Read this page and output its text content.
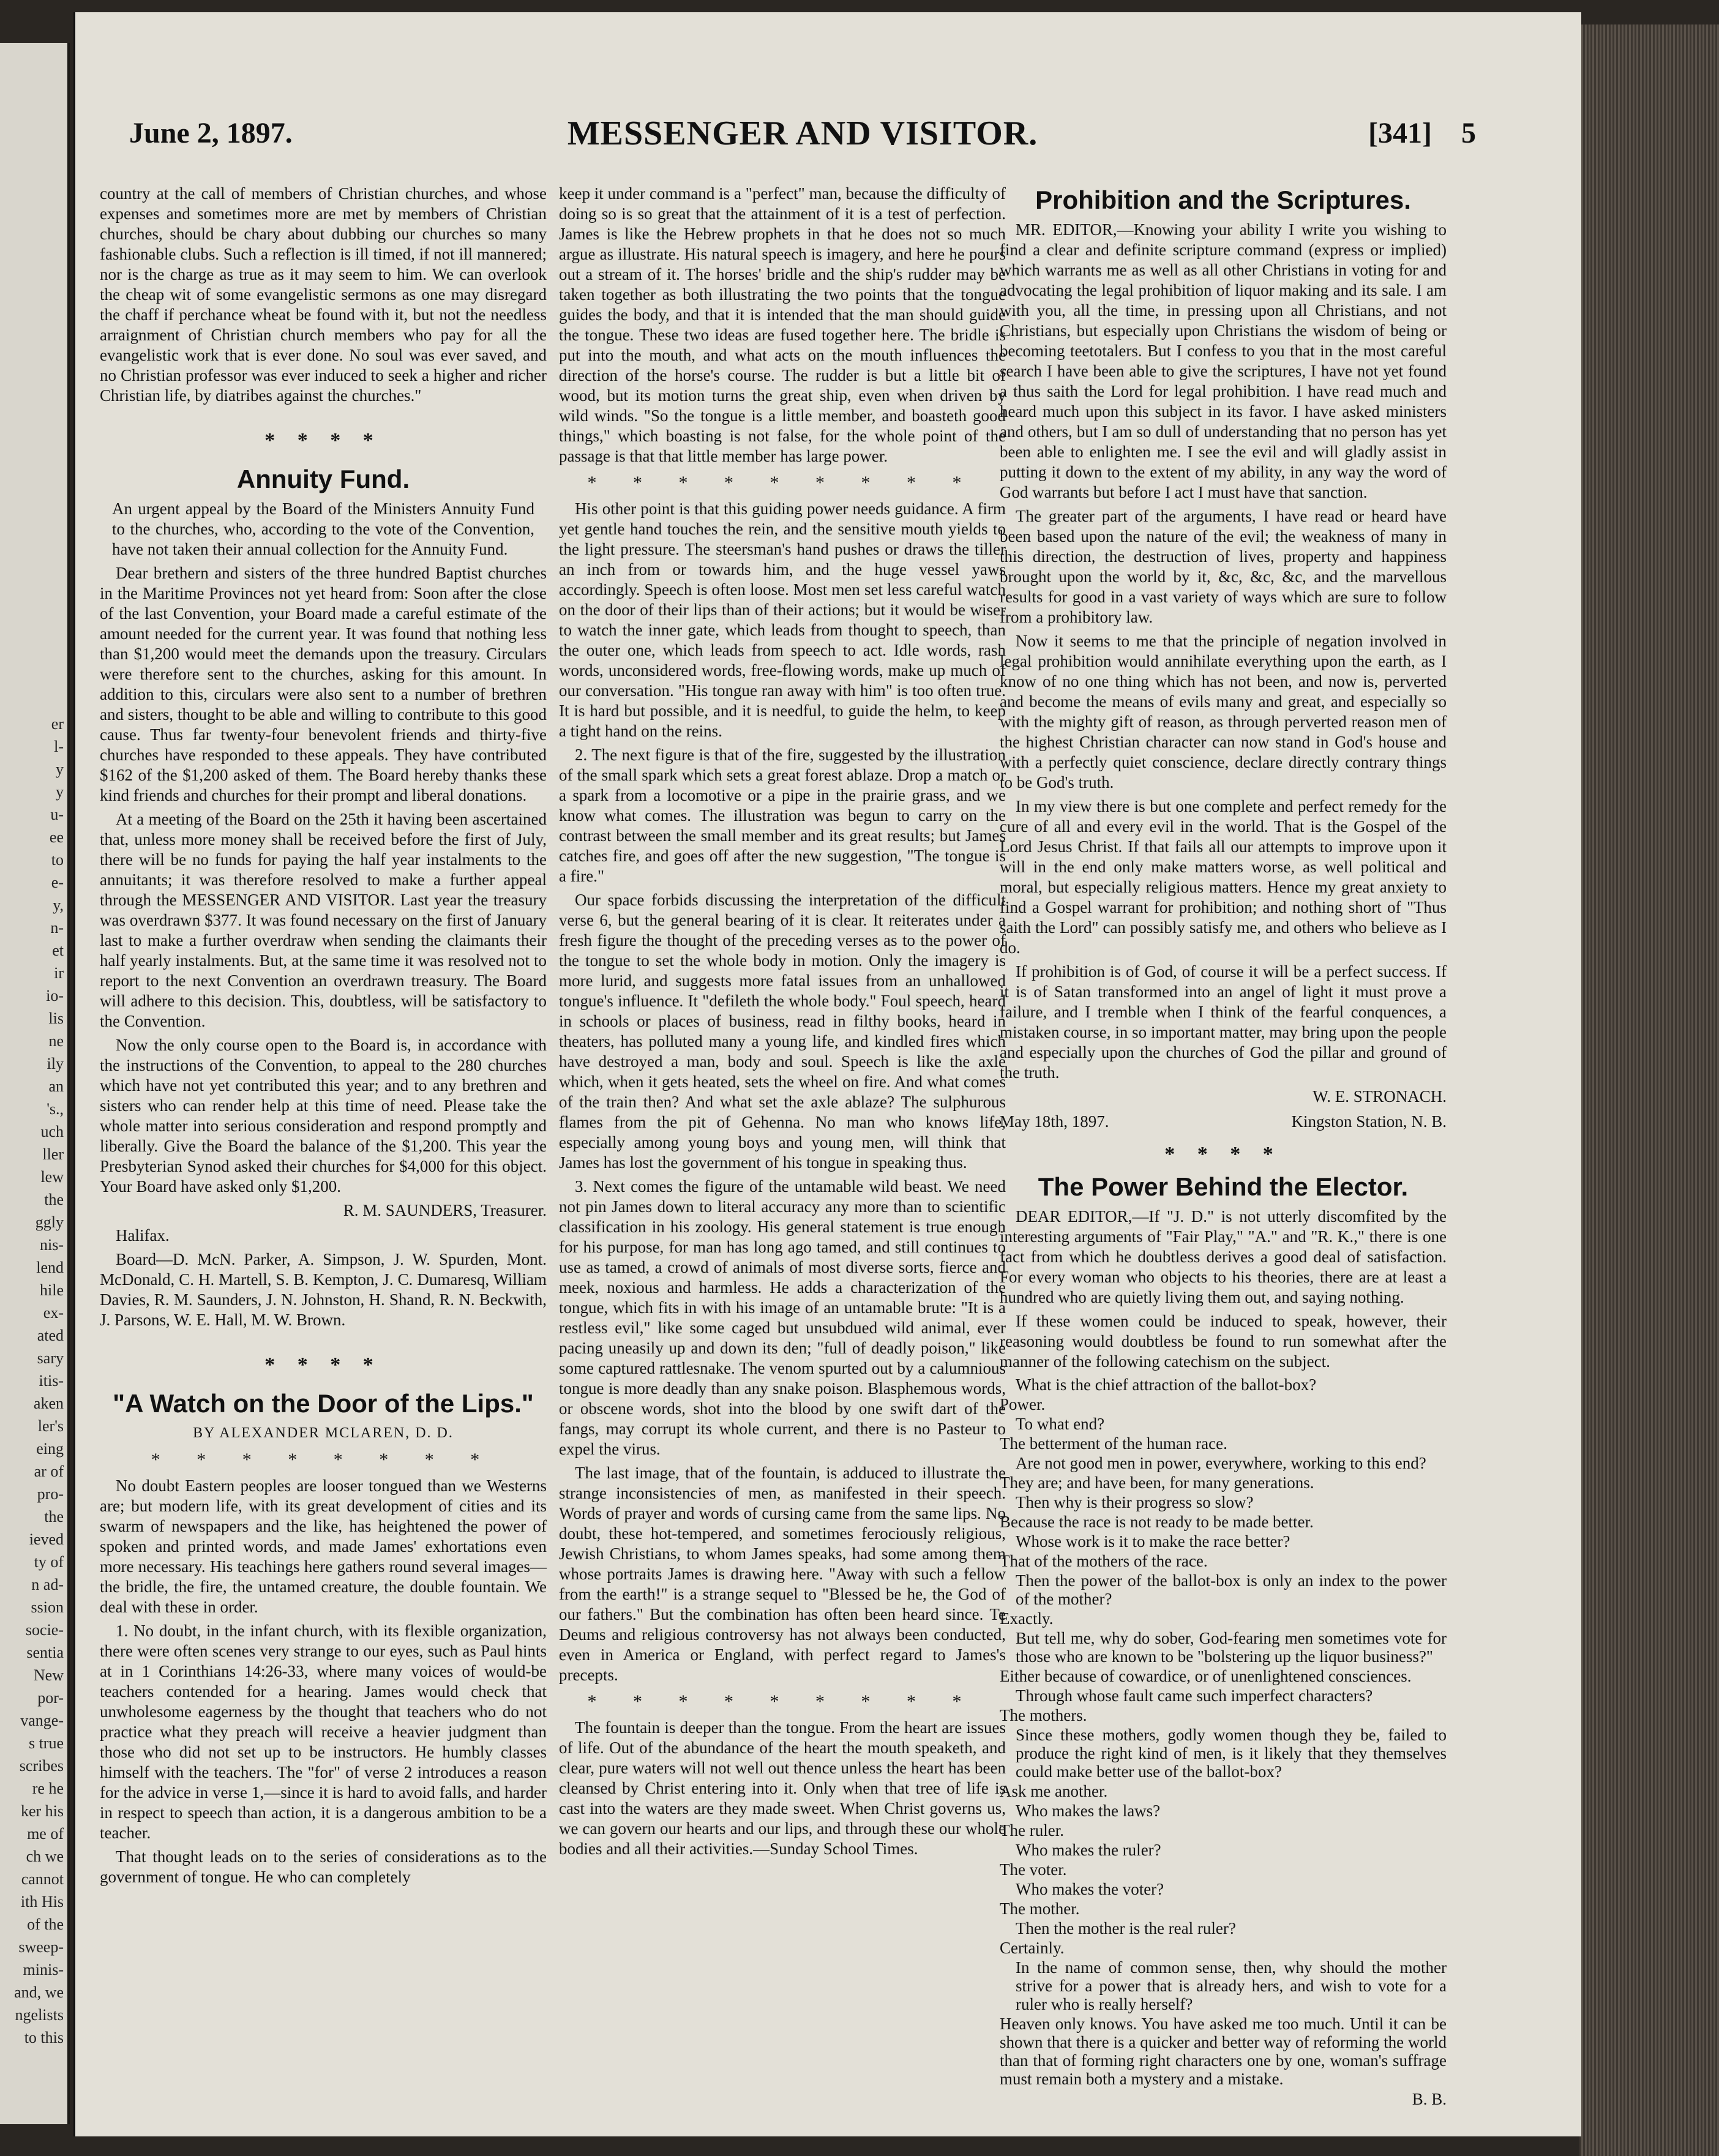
er
l-
y
y
u-
ee
to
e-
y,
n-
et
ir
io-
lis
ne
ily
an
's.,
uch
ller
lew
the
ggly
nis-
lend
hile
ex-
ated
sary
itis-
aken
ler's
eing
ar of
pro-
the
ieved
ty of
n ad-
ssion
socie-
sentia
New
por-
vange-
s true
scribes
re he
ker his
me of
ch we
cannot
ith His
of the
sweep-
minis-
and, we
ngelists
to this
MESSENGER AND VISITOR.
June 2, 1897.	[341]    5

country at the call of members of Christian churches, and whose expenses and sometimes more are met by members of Christian churches, should be chary about dubbing our churches so many fashionable clubs. Such a reflection is ill timed, if not ill mannered; nor is the charge as true as it may seem to him. We can overlook the cheap wit of some evangelistic sermons as one may disregard the chaff if perchance wheat be found with it, but not the needless arraignment of Christian church members who pay for all the evangelistic work that is ever done. No soul was ever saved, and no Christian professor was ever induced to seek a higher and richer Christian life, by diatribes against the churches."

* * * *
Annuity Fund.

An urgent appeal by the Board of the Ministers Annuity Fund to the churches, who, according to the vote of the Convention, have not taken their annual collection for the Annuity Fund.

Dear brethern and sisters of the three hundred Baptist churches in the Maritime Provinces not yet heard from: Soon after the close of the last Convention, your Board made a careful estimate of the amount needed for the current year. It was found that nothing less than $1,200 would meet the demands upon the treasury. Circulars were therefore sent to the churches, asking for this amount. In addition to this, circulars were also sent to a number of brethren and sisters, thought to be able and willing to contribute to this good cause. Thus far twenty-four benevolent friends and thirty-five churches have responded to these appeals. They have contributed $162 of the $1,200 asked of them. The Board hereby thanks these kind friends and churches for their prompt and liberal donations.

At a meeting of the Board on the 25th it having been ascertained that, unless more money shall be received before the first of July, there will be no funds for paying the half year instalments to the annuitants; it was therefore resolved to make a further appeal through the MESSENGER AND VISITOR. Last year the treasury was overdrawn $377. It was found necessary on the first of January last to make a further overdraw when sending the claimants their half yearly instalments. But, at the same time it was resolved not to report to the next Convention an overdrawn treasury. The Board will adhere to this decision. This, doubtless, will be satisfactory to the Convention.

Now the only course open to the Board is, in accordance with the instructions of the Convention, to appeal to the 280 churches which have not yet contributed this year; and to any brethren and sisters who can render help at this time of need. Please take the whole matter into serious consideration and respond promptly and liberally. Give the Board the balance of the $1,200. This year the Presbyterian Synod asked their churches for $4,000 for this object. Your Board have asked only $1,200.

R. M. SAUNDERS, Treasurer.

Halifax.

Board—D. McN. Parker, A. Simpson, J. W. Spurden, Mont. McDonald, C. H. Martell, S. B. Kempton, J. C. Dumaresq, William Davies, R. M. Saunders, J. N. Johnston, H. Shand, R. N. Beckwith, J. Parsons, W. E. Hall, M. W. Brown.

* * * *
"A Watch on the Door of the Lips."
BY ALEXANDER MCLAREN, D. D.
* * * * * * * *

No doubt Eastern peoples are looser tongued than we Westerns are; but modern life, with its great development of cities and its swarm of newspapers and the like, has heightened the power of spoken and printed words, and made James' exhortations even more necessary. His teachings here gathers round several images—the bridle, the fire, the untamed creature, the double fountain. We deal with these in order.

1. No doubt, in the infant church, with its flexible organization, there were often scenes very strange to our eyes, such as Paul hints at in 1 Corinthians 14:26-33, where many voices of would-be teachers contended for a hearing. James would check that unwholesome eagerness by the thought that teachers who do not practice what they preach will receive a heavier judgment than those who did not set up to be instructors. He humbly classes himself with the teachers. The "for" of verse 2 introduces a reason for the advice in verse 1,—since it is hard to avoid falls, and harder in respect to speech than action, it is a dangerous ambition to be a teacher.

That thought leads on to the series of considerations as to the government of tongue. He who can completely

keep it under command is a "perfect" man, because the difficulty of doing so is so great that the attainment of it is a test of perfection. James is like the Hebrew prophets in that he does not so much argue as illustrate. His natural speech is imagery, and here he pours out a stream of it. The horses' bridle and the ship's rudder may be taken together as both illustrating the two points that the tongue guides the body, and that it is intended that the man should guide the tongue. These two ideas are fused together here. The bridle is put into the mouth, and what acts on the mouth influences the direction of the horse's course. The rudder is but a little bit of wood, but its motion turns the great ship, even when driven by wild winds. "So the tongue is a little member, and boasteth good things," which boasting is not false, for the whole point of the passage is that that little member has large power.

* * * * * * * * *

His other point is that this guiding power needs guidance. A firm yet gentle hand touches the rein, and the sensitive mouth yields to the light pressure. The steersman's hand pushes or draws the tiller an inch from or towards him, and the huge vessel yaws accordingly. Speech is often loose. Most men set less careful watch on the door of their lips than of their actions; but it would be wiser to watch the inner gate, which leads from thought to speech, than the outer one, which leads from speech to act. Idle words, rash words, unconsidered words, free-flowing words, make up much of our conversation. "His tongue ran away with him" is too often true. It is hard but possible, and it is needful, to guide the helm, to keep a tight hand on the reins.

2. The next figure is that of the fire, suggested by the illustration of the small spark which sets a great forest ablaze. Drop a match or a spark from a locomotive or a pipe in the prairie grass, and we know what comes. The illustration was begun to carry on the contrast between the small member and its great results; but James catches fire, and goes off after the new suggestion, "The tongue is a fire."

Our space forbids discussing the interpretation of the difficult verse 6, but the general bearing of it is clear. It reiterates under a fresh figure the thought of the preceding verses as to the power of the tongue to set the whole body in motion. Only the imagery is more lurid, and suggests more fatal issues from an unhallowed tongue's influence. It "defileth the whole body." Foul speech, heard in schools or places of business, read in filthy books, heard in theaters, has polluted many a young life, and kindled fires which have destroyed a man, body and soul. Speech is like the axle which, when it gets heated, sets the wheel on fire. And what comes of the train then? And what set the axle ablaze? The sulphurous flames from the pit of Gehenna. No man who knows life, especially among young boys and young men, will think that James has lost the government of his tongue in speaking thus.

3. Next comes the figure of the untamable wild beast. We need not pin James down to literal accuracy any more than to scientific classification in his zoology. His general statement is true enough for his purpose, for man has long ago tamed, and still continues to use as tamed, a crowd of animals of most diverse sorts, fierce and meek, noxious and harmless. He adds a characterization of the tongue, which fits in with his image of an untamable brute: "It is a restless evil," like some caged but unsubdued wild animal, ever pacing uneasily up and down its den; "full of deadly poison," like some captured rattlesnake. The venom spurted out by a calumnious tongue is more deadly than any snake poison. Blasphemous words, or obscene words, shot into the blood by one swift dart of the fangs, may corrupt its whole current, and there is no Pasteur to expel the virus.

The last image, that of the fountain, is adduced to illustrate the strange inconsistencies of men, as manifested in their speech. Words of prayer and words of cursing came from the same lips. No doubt, these hot-tempered, and sometimes ferociously religious, Jewish Christians, to whom James speaks, had some among them whose portraits James is drawing here. "Away with such a fellow from the earth!" is a strange sequel to "Blessed be he, the God of our fathers." But the combination has often been heard since. Te Deums and religious controversy has not always been conducted, even in America or England, with perfect regard to James's precepts.

* * * * * * * * *

The fountain is deeper than the tongue. From the heart are issues of life. Out of the abundance of the heart the mouth speaketh, and clear, pure waters will not well out thence unless the heart has been cleansed by Christ entering into it. Only when that tree of life is cast into the waters are they made sweet. When Christ governs us, we can govern our hearts and our lips, and through these our whole bodies and all their activities.—Sunday School Times.

Prohibition and the Scriptures.

MR. EDITOR,—Knowing your ability I write you wishing to find a clear and definite scripture command (express or implied) which warrants me as well as all other Christians in voting for and advocating the legal prohibition of liquor making and its sale. I am with you, all the time, in pressing upon all Christians, and not Christians, but especially upon Christians the wisdom of being or becoming teetotalers. But I confess to you that in the most careful search I have been able to give the scriptures, I have not yet found a thus saith the Lord for legal prohibition. I have read much and heard much upon this subject in its favor. I have asked ministers and others, but I am so dull of understanding that no person has yet been able to enlighten me. I see the evil and will gladly assist in putting it down to the extent of my ability, in any way the word of God warrants but before I act I must have that sanction.

The greater part of the arguments, I have read or heard have been based upon the nature of the evil; the weakness of many in this direction, the destruction of lives, property and happiness brought upon the world by it, &c, &c, &c, and the marvellous results for good in a vast variety of ways which are sure to follow from a prohibitory law.

Now it seems to me that the principle of negation involved in legal prohibition would annihilate everything upon the earth, as I know of no one thing which has not been, and now is, perverted and become the means of evils many and great, and especially so with the mighty gift of reason, as through perverted reason men of the highest Christian character can now stand in God's house and with a perfectly quiet conscience, declare directly contrary things to be God's truth.

In my view there is but one complete and perfect remedy for the cure of all and every evil in the world. That is the Gospel of the Lord Jesus Christ. If that fails all our attempts to improve upon it will in the end only make matters worse, as well political and moral, but especially religious matters. Hence my great anxiety to find a Gospel warrant for prohibition; and nothing short of "Thus saith the Lord" can possibly satisfy me, and others who believe as I do.

If prohibition is of God, of course it will be a perfect success. If it is of Satan transformed into an angel of light it must prove a failure, and I tremble when I think of the fearful conquences, a mistaken course, in so important matter, may bring upon the people and especially upon the churches of God the pillar and ground of the truth.

W. E. STRONACH.
May 18th, 1897.	Kingston Station, N. B.
* * * *
The Power Behind the Elector.

DEAR EDITOR,—If "J. D." is not utterly discomfited by the interesting arguments of "Fair Play," "A." and "R. K.," there is one fact from which he doubtless derives a good deal of satisfaction. For every woman who objects to his theories, there are at least a hundred who are quietly living them out, and saying nothing.

If these women could be induced to speak, however, their reasoning would doubtless be found to run somewhat after the manner of the following catechism on the subject.

What is the chief attraction of the ballot-box?

Power.

To what end?

The betterment of the human race.

Are not good men in power, everywhere, working to this end?

They are; and have been, for many generations.

Then why is their progress so slow?

Because the race is not ready to be made better.

Whose work is it to make the race better?

That of the mothers of the race.

Then the power of the ballot-box is only an index to the power of the mother?

Exactly.

But tell me, why do sober, God-fearing men sometimes vote for those who are known to be "bolstering up the liquor business?"

Either because of cowardice, or of unenlightened consciences.

Through whose fault came such imperfect characters?

The mothers.

Since these mothers, godly women though they be, failed to produce the right kind of men, is it likely that they themselves could make better use of the ballot-box?

Ask me another.

Who makes the laws?

The ruler.

Who makes the ruler?

The voter.

Who makes the voter?

The mother.

Then the mother is the real ruler?

Certainly.

In the name of common sense, then, why should the mother strive for a power that is already hers, and wish to vote for a ruler who is really herself?

Heaven only knows. You have asked me too much. Until it can be shown that there is a quicker and better way of reforming the world than that of forming right characters one by one, woman's suffrage must remain both a mystery and a mistake.

B. B.
